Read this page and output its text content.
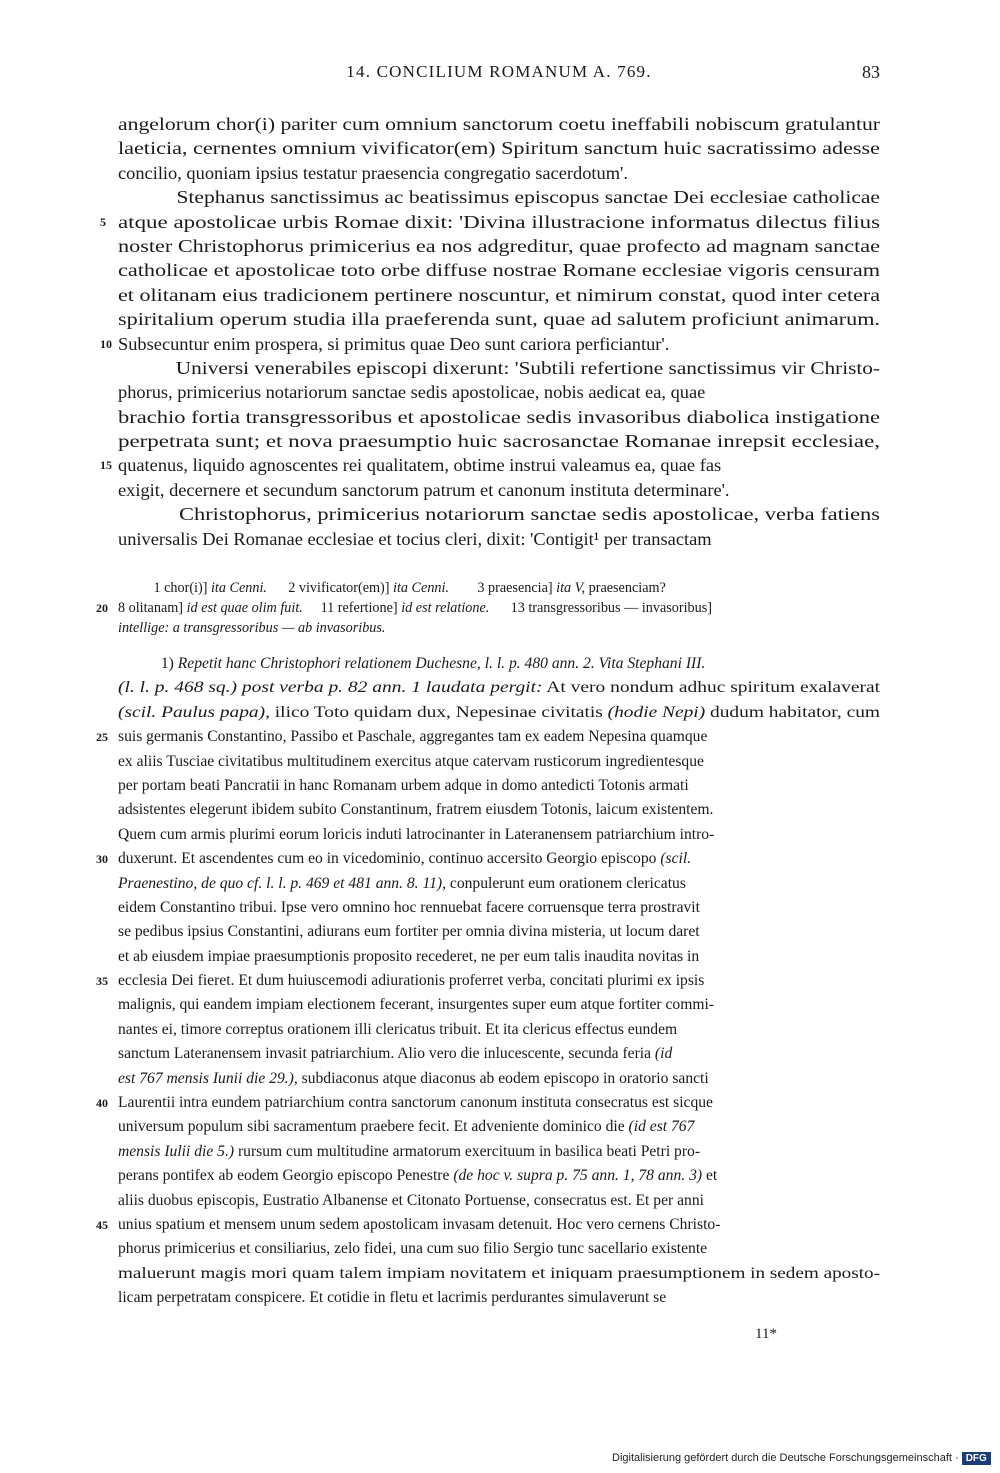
14. CONCILIUM ROMANUM A. 769.	83
angelorum chor(i) pariter cum omnium sanctorum coetu ineffabili nobiscum gratulantur
laeticia, cernentes omnium vivificator(em) Spiritum sanctum huic sacratissimo adesse
concilio, quoniam ipsius testatur praesencia congregatio sacerdotum'.
Stephanus sanctissimus ac beatissimus episcopus sanctae Dei ecclesiae catholicae
5 atque apostolicae urbis Romae dixit: 'Divina illustracione informatus dilectus filius
noster Christophorus primicerius ea nos adgreditur, quae profecto ad magnam sanctae
catholicae et apostolicae toto orbe diffuse nostrae Romane ecclesiae vigoris censuram
et olitanam eius tradicionem pertinere noscuntur, et nimirum constat, quod inter cetera
spiritalium operum studia illa praeferenda sunt, quae ad salutem proficiunt animarum.
10 Subsecuntur enim prospera, si primitus quae Deo sunt cariora perficiantur'.
Universi venerabiles episcopi dixerunt: 'Subtili refertione sanctissimus vir Christo-
phorus, primicerius notariorum sanctae sedis apostolicae, nobis aedicat ea, quae
brachio fortia transgressoribus et apostolicae sedis invasoribus diabolica instigatione
perpetrata sunt; et nova praesumptio huic sacrosanctae Romanae inrepsit ecclesiae,
15 quatenus, liquido agnoscentes rei qualitatem, obtime instrui valeamus ea, quae fas
exigit, decernere et secundum sanctorum patrum et canonum instituta determinare'.
Christophorus, primicerius notariorum sanctae sedis apostolicae, verba fatiens
universalis Dei Romanae ecclesiae et tocius cleri, dixit: 'Contigit¹ per transactam
1 chor(i)] ita Cenni.      2 vivificator(em)] ita Cenni.        3 praesencia] ita V, praesenciam?
20 8 olitanam] id est quae olim fuit.     11 refertione] id est relatione.      13 transgressoribus — invasoribus]
intellige: a transgressoribus — ab invasoribus.
1) Repetit hanc Christophori relationem Duchesne, l. l. p. 480 ann. 2. Vita Stephani III.
(l. l. p. 468 sq.) post verba p. 82 ann. 1 laudata pergit: At vero nondum adhuc spiritum exalaverat
(scil. Paulus papa), ilico Toto quidam dux, Nepesinae civitatis (hodie Nepi) dudum habitator, cum
25 suis germanis Constantino, Passibo et Paschale, aggregantes tam ex eadem Nepesina quamque
ex aliis Tusciae civitatibus multitudinem exercitus atque catervam rusticorum ingredientesque
per portam beati Pancratii in hanc Romanam urbem adque in domo antedicti Totonis armati
adsistentes elegerunt ibidem subito Constantinum, fratrem eiusdem Totonis, laicum existentem.
Quem cum armis plurimi eorum loricis induti latrocinanter in Lateranensem patriarchium intro-
30 duxerunt. Et ascendentes cum eo in vicedominio, continuo accersito Georgio episcopo (scil.
Praenestino, de quo cf. l. l. p. 469 et 481 ann. 8. 11), conpulerunt eum orationem clericatus
eidem Constantino tribui. Ipse vero omnino hoc rennuebat facere corruensque terra prostravit
se pedibus ipsius Constantini, adiurans eum fortiter per omnia divina misteria, ut locum daret
et ab eiusdem impiae praesumptionis proposito recederet, ne per eum talis inaudita novitas in
35 ecclesia Dei fieret. Et dum huiuscemodi adiurationis proferret verba, concitati plurimi ex ipsis
malignis, qui eandem impiam electionem fecerant, insurgentes super eum atque fortiter commi-
nantes ei, timore correptus orationem illi clericatus tribuit. Et ita clericus effectus eundem
sanctum Lateranensem invasit patriarchium. Alio vero die inlucescente, secunda feria (id
est 767 mensis Iunii die 29.), subdiaconus atque diaconus ab eodem episcopo in oratorio sancti
40 Laurentii intra eundem patriarchium contra sanctorum canonum instituta consecratus est sicque
universum populum sibi sacramentum praebere fecit. Et adveniente dominico die (id est 767
mensis Iulii die 5.) rursum cum multitudine armatorum exercituum in basilica beati Petri pro-
perans pontifex ab eodem Georgio episcopo Penestre (de hoc v. supra p. 75 ann. 1, 78 ann. 3) et
aliis duobus episcopis, Eustratio Albanense et Citonato Portuense, consecratus est. Et per anni
45 unius spatium et mensem unum sedem apostolicam invasam detenuit. Hoc vero cernens Christo-
phorus primicerius et consiliarius, zelo fidei, una cum suo filio Sergio tunc sacellario existente
maluerunt magis mori quam talem impiam novitatem et iniquam praesumptionem in sedem aposto-
licam perpetratam conspicere. Et cotidie in fletu et lacrimis perdurantes simulaverunt se
11*
Digitalisierung gefördert durch die Deutsche Forschungsgemeinschaft · DFG
